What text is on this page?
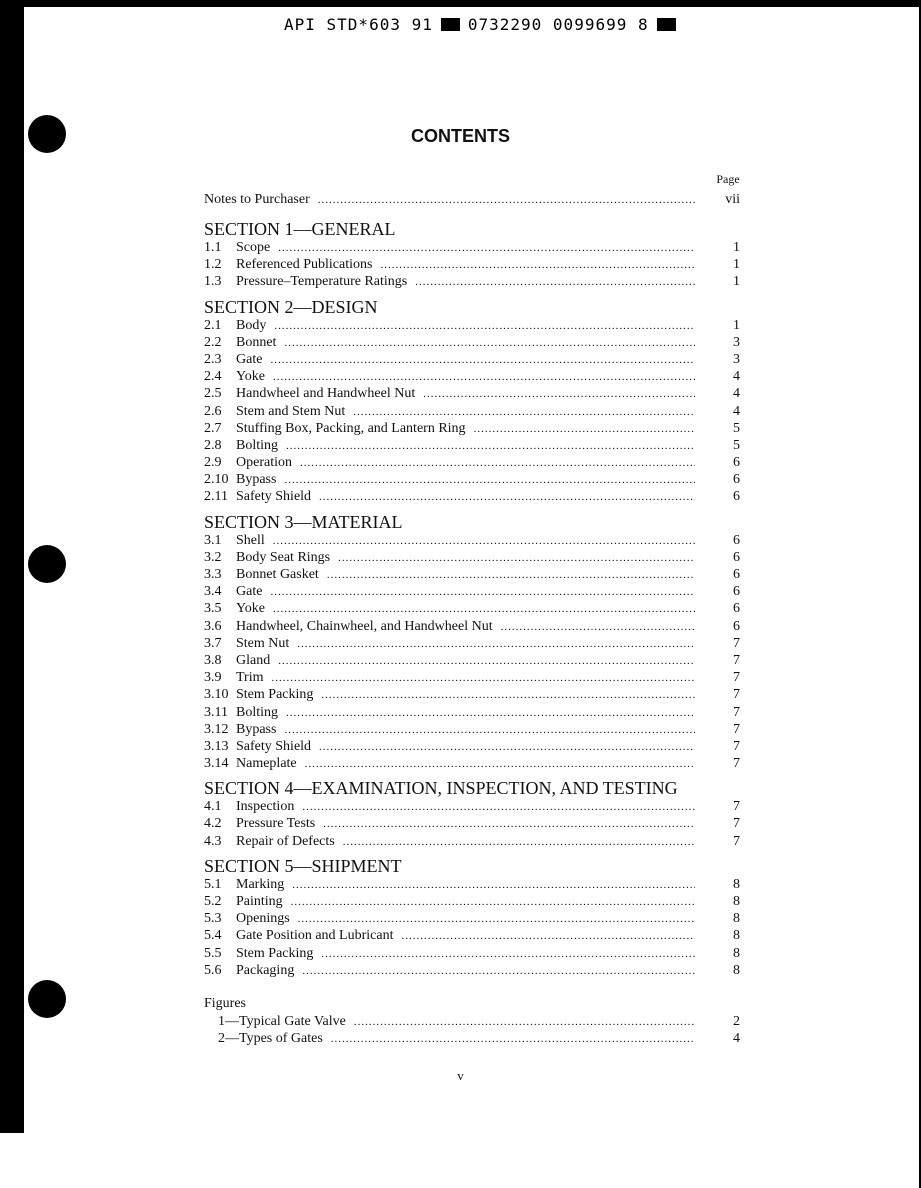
API STD*603 91 0732290 0099699 8
CONTENTS
Page
Notes to Purchaser .....	vii
SECTION 1—GENERAL
1.1	Scope .....	1
1.2	Referenced Publications .....	1
1.3	Pressure–Temperature Ratings .....	1
SECTION 2—DESIGN
2.1	Body .....	1
2.2	Bonnet .....	3
2.3	Gate .....	3
2.4	Yoke .....	4
2.5	Handwheel and Handwheel Nut .....	4
2.6	Stem and Stem Nut .....	4
2.7	Stuffing Box, Packing, and Lantern Ring .....	5
2.8	Bolting .....	5
2.9	Operation .....	6
2.10 Bypass .....	6
2.11 Safety Shield .....	6
SECTION 3—MATERIAL
3.1	Shell .....	6
3.2	Body Seat Rings .....	6
3.3	Bonnet Gasket .....	6
3.4	Gate .....	6
3.5	Yoke .....	6
3.6	Handwheel, Chainwheel, and Handwheel Nut .....	6
3.7	Stem Nut .....	7
3.8	Gland .....	7
3.9	Trim .....	7
3.10 Stem Packing .....	7
3.11 Bolting .....	7
3.12 Bypass .....	7
3.13 Safety Shield .....	7
3.14 Nameplate .....	7
SECTION 4—EXAMINATION, INSPECTION, AND TESTING
4.1	Inspection .....	7
4.2	Pressure Tests .....	7
4.3	Repair of Defects .....	7
SECTION 5—SHIPMENT
5.1	Marking .....	8
5.2	Painting .....	8
5.3	Openings .....	8
5.4	Gate Position and Lubricant .....	8
5.5	Stem Packing .....	8
5.6	Packaging .....	8
Figures
1—Typical Gate Valve .....	2
2—Types of Gates .....	4
v
